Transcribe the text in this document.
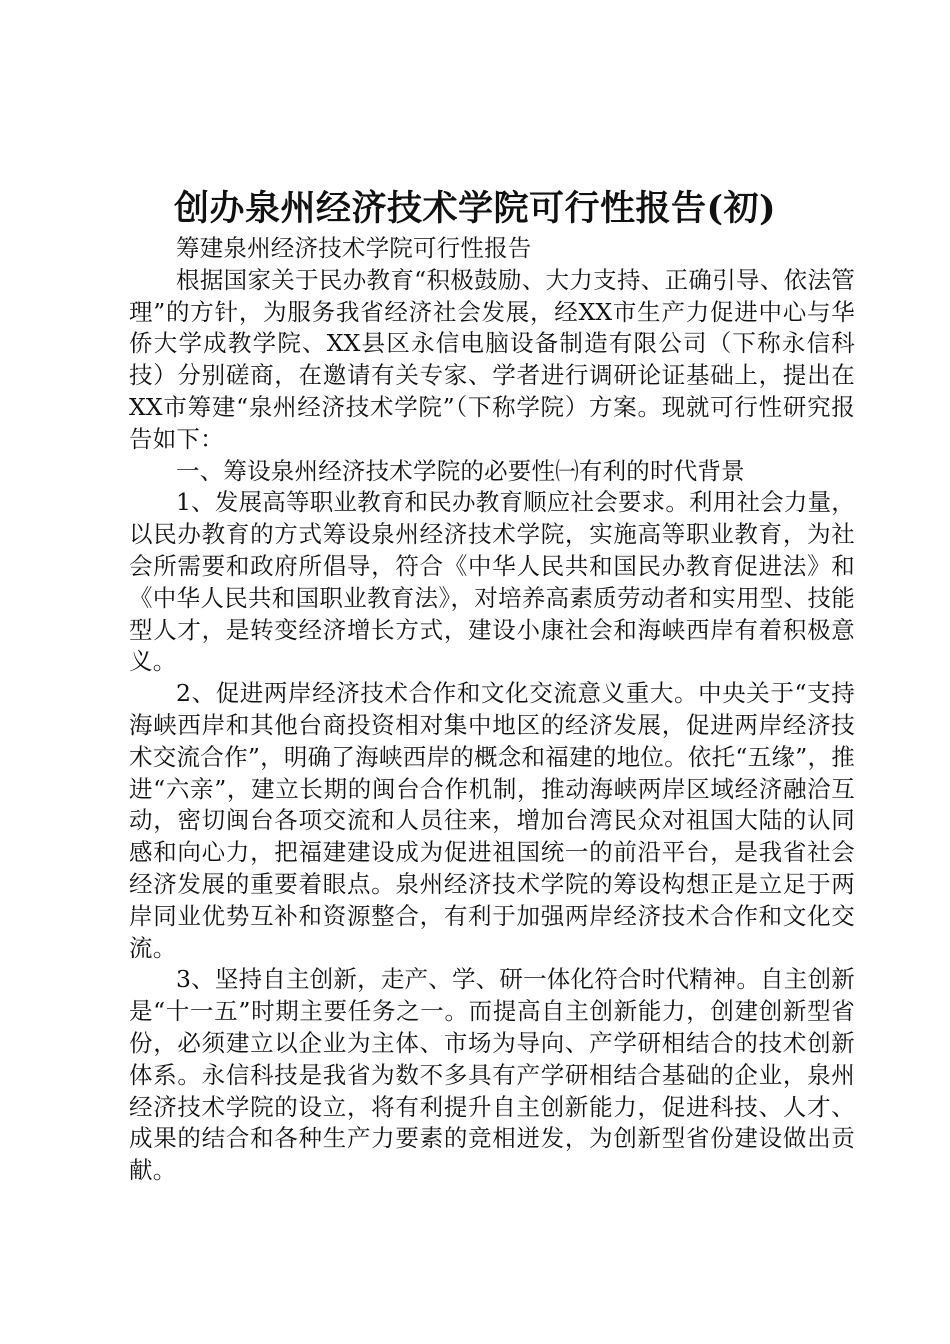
创办泉州经济技术学院可行性报告(初)

筹建泉州经济技术学院可行性报告

根据国家关于民办教育“积极鼓励、大力支持、正确引导、依法管理”的方针，为服务我省经济社会发展，经XX市生产力促进中心与华侨大学成教学院、XX县区永信电脑设备制造有限公司（下称永信科技）分别磋商，在邀请有关专家、学者进行调研论证基础上，提出在XX市筹建“泉州经济技术学院”（下称学院）方案。现就可行性研究报告如下：

一、筹设泉州经济技术学院的必要性㈠有利的时代背景

1、发展高等职业教育和民办教育顺应社会要求。利用社会力量，以民办教育的方式筹设泉州经济技术学院，实施高等职业教育，为社会所需要和政府所倡导，符合《中华人民共和国民办教育促进法》和《中华人民共和国职业教育法》，对培养高素质劳动者和实用型、技能型人才，是转变经济增长方式，建设小康社会和海峡西岸有着积极意义。

2、促进两岸经济技术合作和文化交流意义重大。中央关于“支持海峡西岸和其他台商投资相对集中地区的经济发展，促进两岸经济技术交流合作”，明确了海峡西岸的概念和福建的地位。依托“五缘”，推进“六亲”，建立长期的闽台合作机制，推动海峡两岸区域经济融洽互动，密切闽台各项交流和人员往来，增加台湾民众对祖国大陆的认同感和向心力，把福建建设成为促进祖国统一的前沿平台，是我省社会经济发展的重要着眼点。泉州经济技术学院的筹设构想正是立足于两岸同业优势互补和资源整合，有利于加强两岸经济技术合作和文化交流。

3、坚持自主创新，走产、学、研一体化符合时代精神。自主创新是“十一五”时期主要任务之一。而提高自主创新能力，创建创新型省份，必须建立以企业为主体、市场为导向、产学研相结合的技术创新体系。永信科技是我省为数不多具有产学研相结合基础的企业，泉州经济技术学院的设立，将有利提升自主创新能力，促进科技、人才、成果的结合和各种生产力要素的竞相迸发，为创新型省份建设做出贡献。
